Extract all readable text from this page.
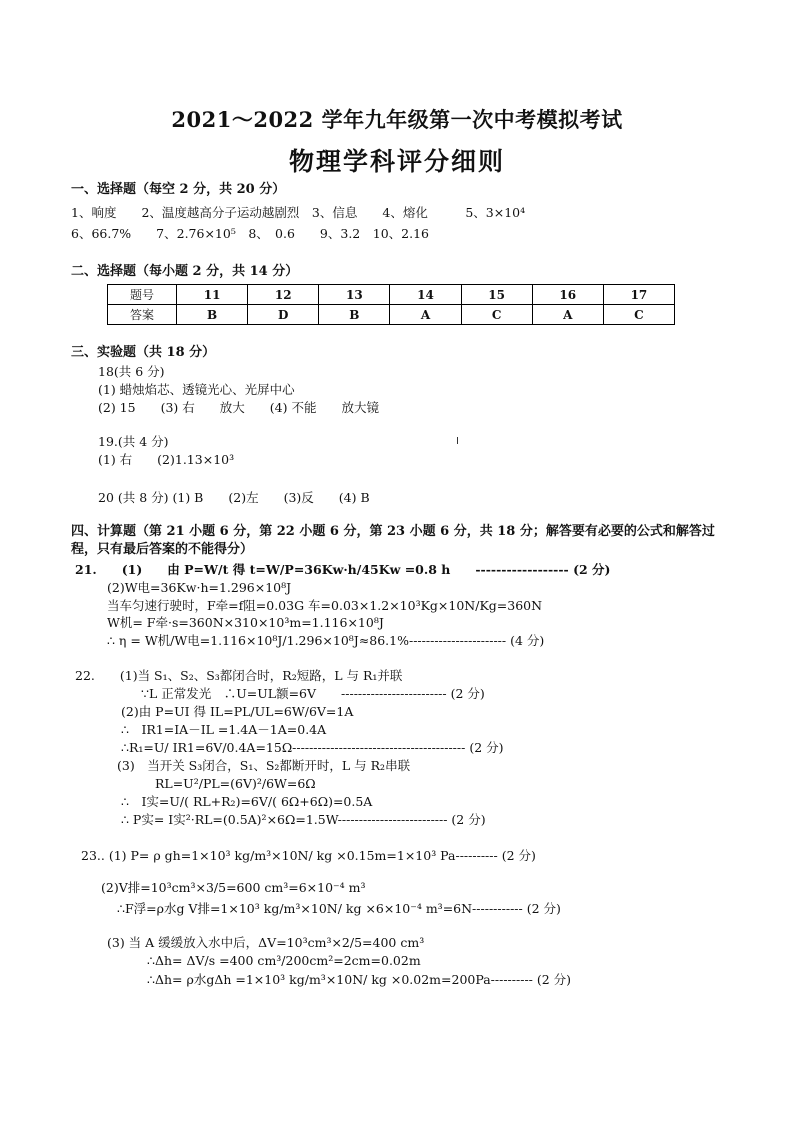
2021～2022 学年九年级第一次中考模拟考试
物理学科评分细则
一、选择题（每空 2 分，共 20 分）
1、响度　　2、温度越高分子运动越剧烈　3、信息　　4、熔化　　　5、3×10⁴
6、66.7%　　7、2.76×10⁵　8、　0.6　　9、3.2　10、2.16
二、选择题（每小题 2 分，共 14 分）
题号	11	12	13	14	15	16	17
答案	B	D	B	A	C	A	C
三、实验题（共 18 分）
18(共 6 分)
(1) 蜡烛焰芯、透镜光心、光屏中心
(2) 15　　(3) 右　　放大　　(4) 不能　　放大镜
19.(共 4 分)
(1) 右　　(2)1.13×10³
20 (共 8 分) (1) B　　(2)左　　(3)反　　(4) B
四、计算题（第 21 小题 6 分，第 22 小题 6 分，第 23 小题 6 分，共 18 分；解答要有必要的公式和解答过
程，只有最后答案的不能得分）
21.　　(1)　　由 P=W/t 得 t=W/P=36Kw·h/45Kw =0.8 h　　------------------ (2 分)
(2)W电=36Kw·h=1.296×10⁸J
当车匀速行驶时，F牵=f阻=0.03G 车=0.03×1.2×10³Kg×10N/Kg=360N
W机= F牵·s=360N×310×10³m=1.116×10⁸J
∴ η = W机/W电=1.116×10⁸J/1.296×10⁸J≈86.1%----------------------- (4 分)
22.　　(1)当 S₁、S₂、S₃都闭合时，R₂短路，L 与 R₁并联
∵L 正常发光　∴U=UL额=6V　　------------------------- (2 分)
(2)由 P=UI 得 IL=PL/UL=6W/6V=1A
∴　IR1=IA－IL =1.4A－1A=0.4A
∴R₁=U/ IR1=6V/0.4A=15Ω----------------------------------------- (2 分)
(3)　当开关 S₃闭合，S₁、S₂都断开时，L 与 R₂串联
RL=U²/PL=(6V)²/6W=6Ω
∴　I实=U/( RL+R₂)=6V/( 6Ω+6Ω)=0.5A
∴ P实= I实²·RL=(0.5A)²×6Ω=1.5W-------------------------- (2 分)
23.. (1) P= ρ gh=1×10³ kg/m³×10N/ kg ×0.15m=1×10³ Pa---------- (2 分)
(2)V排=10³cm³×3/5=600 cm³=6×10⁻⁴ m³
∴F浮=ρ水g V排=1×10³ kg/m³×10N/ kg ×6×10⁻⁴ m³=6N------------ (2 分)
(3) 当 A 缓缓放入水中后，ΔV=10³cm³×2/5=400 cm³
∴Δh= ΔV/s =400 cm³/200cm²=2cm=0.02m
∴Δh= ρ水gΔh =1×10³ kg/m³×10N/ kg ×0.02m=200Pa---------- (2 分)
